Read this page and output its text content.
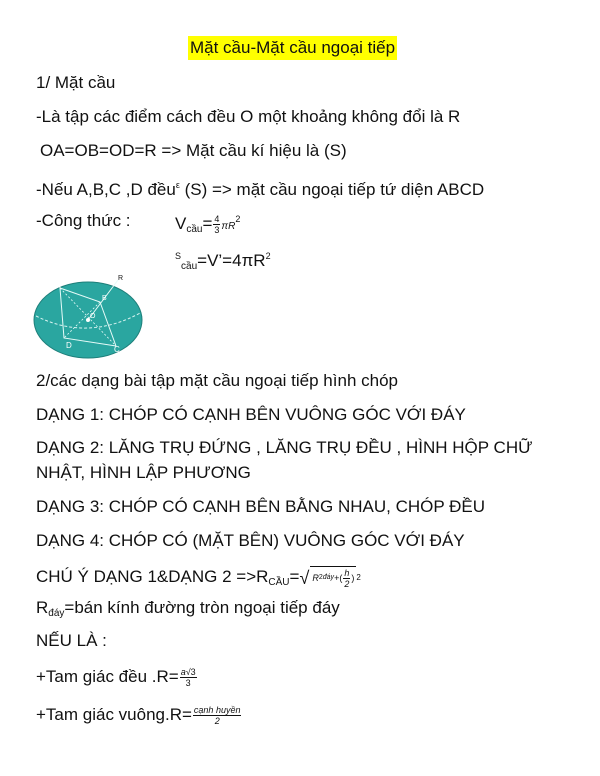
Mặt cầu-Mặt cầu ngoại tiếp
1/ Mặt cầu
-Là tập các điểm cách đều O một khoảng không đổi là R
OA=OB=OD=R => Mặt cầu kí hiệu là (S)
-Nếu A,B,C ,D đều$^\varepsilon$ (S) => mặt cầu ngoại tiếp tứ diện ABCD
-Công thức :	$V_{cầu}= \frac{4}{3} \pi R^2$
$^S_{cầu}=V’=4\pi R^2$
R
A
O
B
D	C
2/các dạng bài tập mặt cầu ngoại tiếp hình chóp
DẠNG 1: CHÓP CÓ CẠNH BÊN VUÔNG GÓC VỚI ĐÁY
DẠNG 2: LĂNG TRỤ ĐỨNG , LĂNG TRỤ ĐỀU , HÌNH HỘP CHỮ
NHẬT, HÌNH LẬP PHƯƠNG
DẠNG 3: CHÓP CÓ CẠNH BÊN BẰNG NHAU, CHÓP ĐỀU
DẠNG 4: CHÓP CÓ (MẶT BÊN) VUÔNG GÓC VỚI ĐÁY
CHÚ Ý DẠNG 1&DẠNG $2 =>R_{CẦU}=$ √ R 2 đáy +( $\frac{h}{2}$ ) 2
$R_{đáy}=bán$ kính đường tròn ngoại tiếp đáy
NẾU LÀ :
+Tam giác đều $.R= \frac{a√3}{3}$
+Tam giác vuông.R= $\frac{\text{cạnh huyền}}{2}$
